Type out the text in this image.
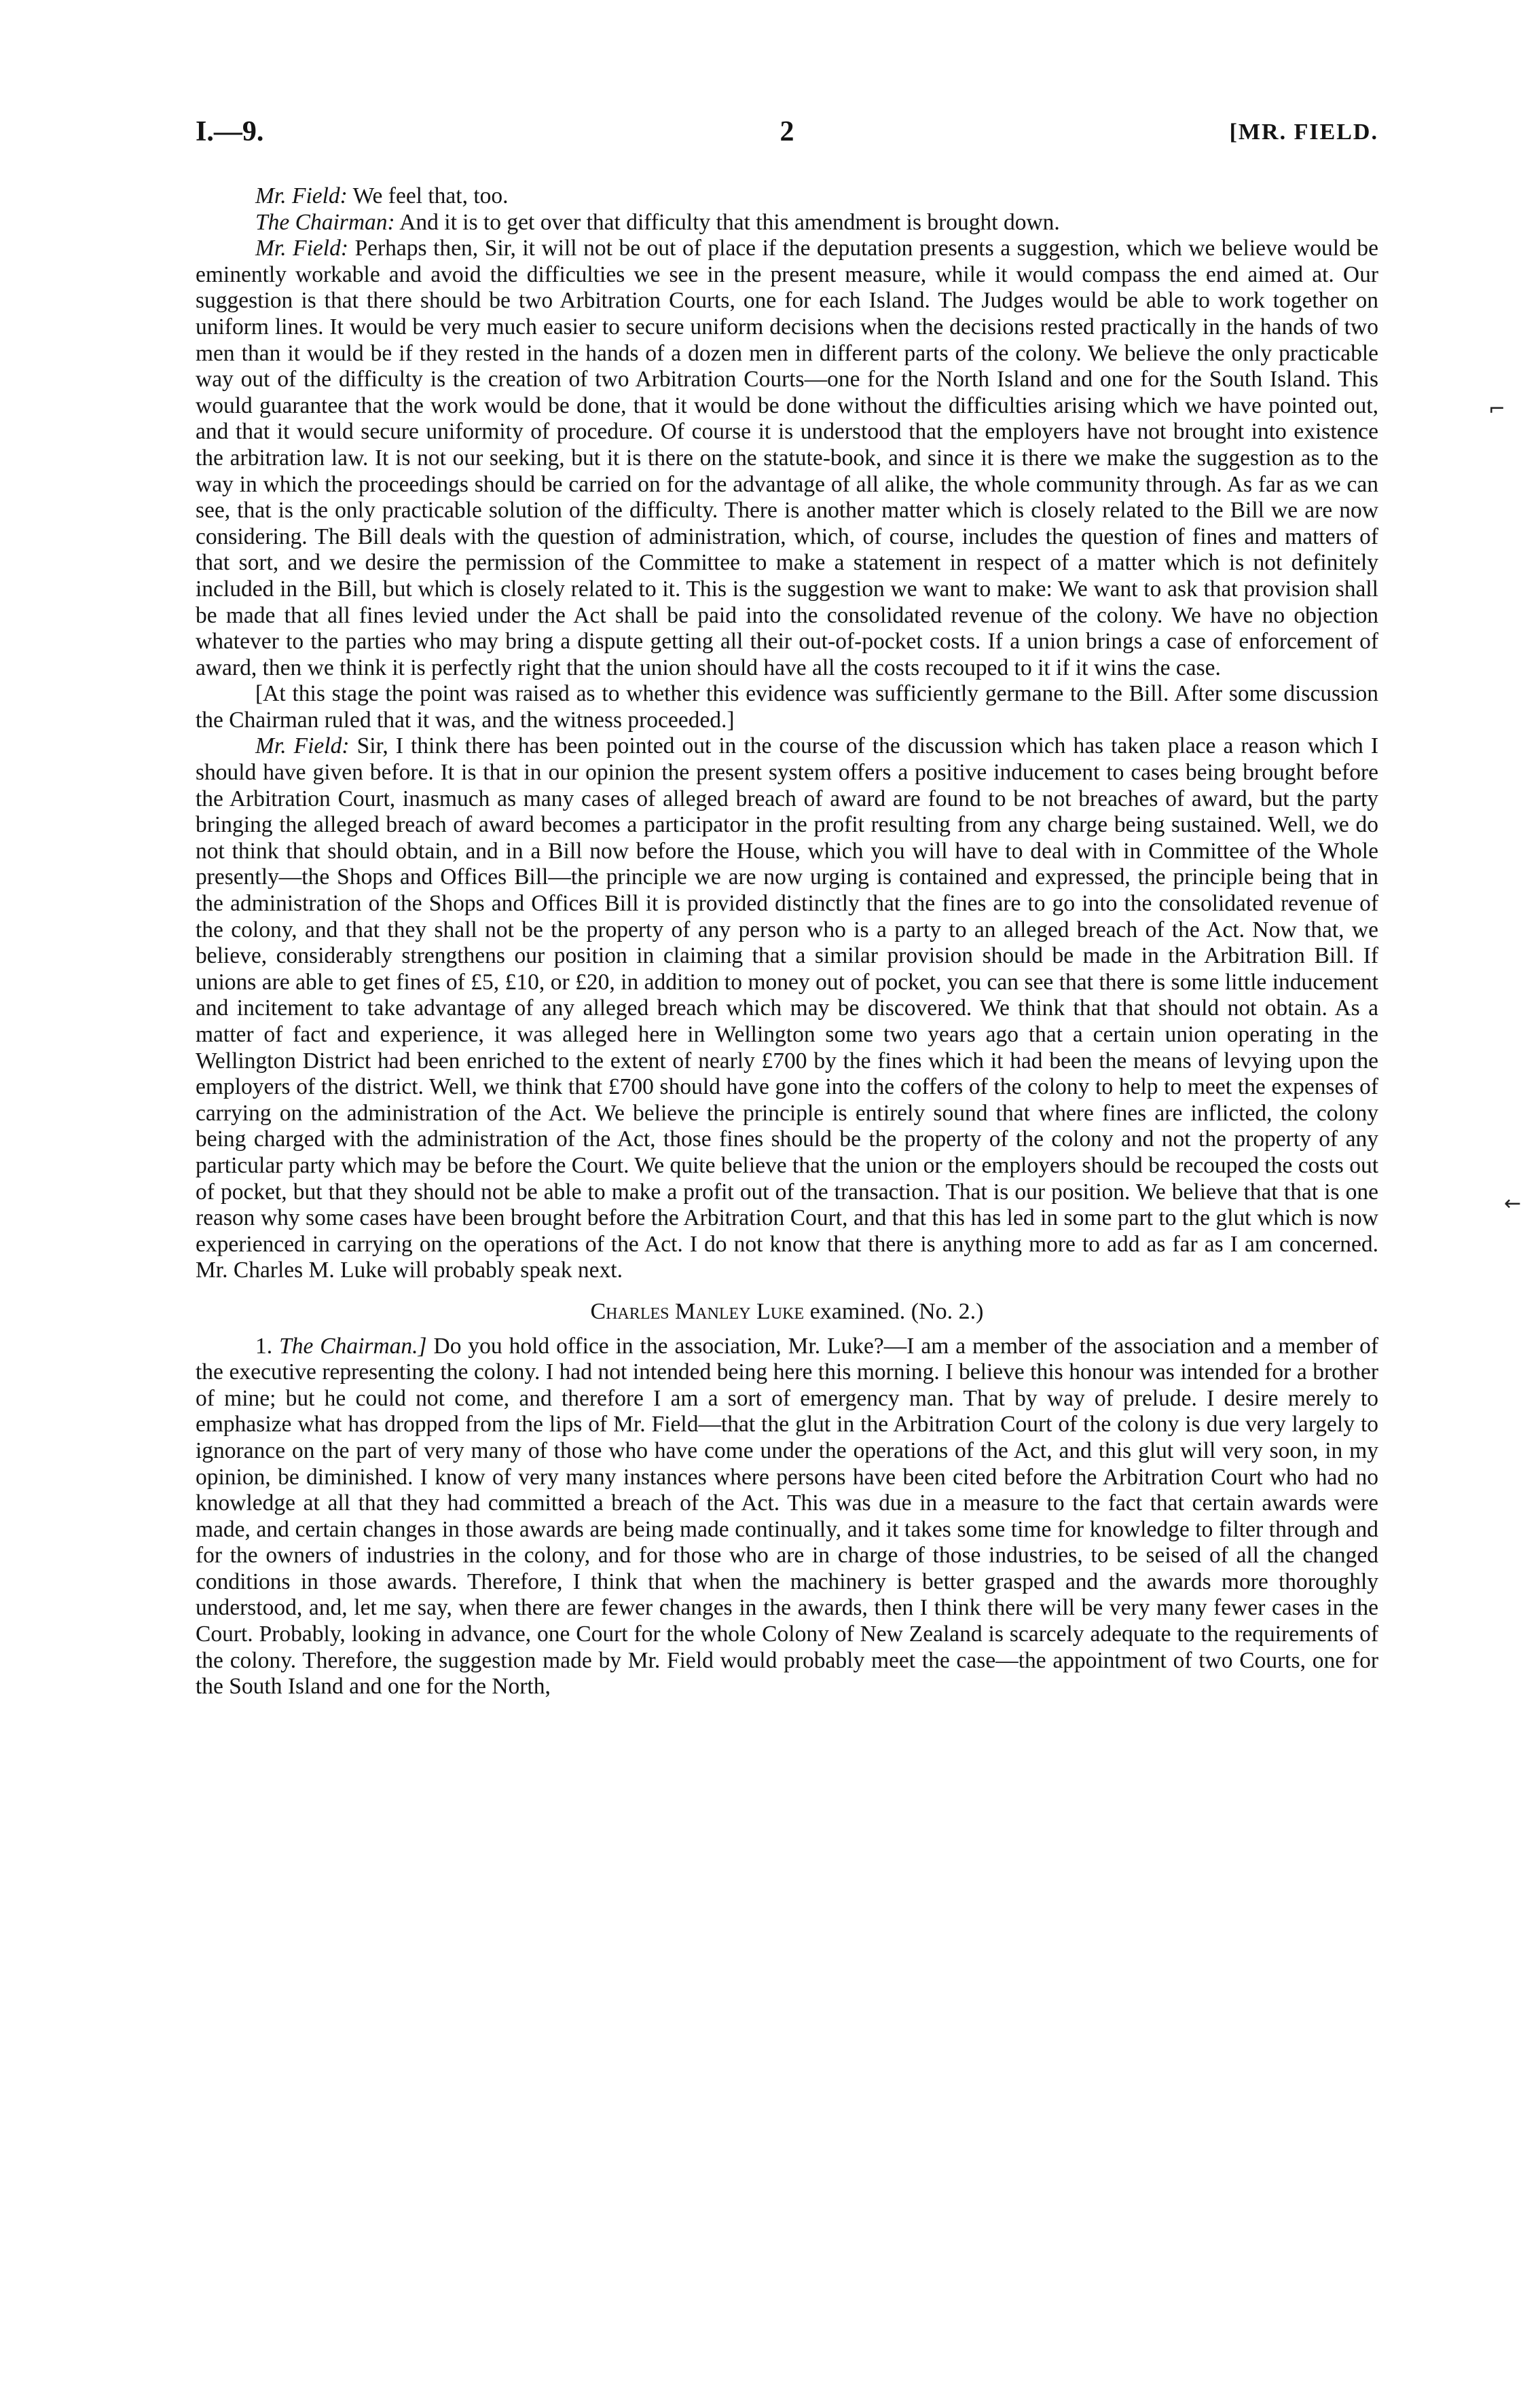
I.—9.	2	[MR. FIELD.
⌐
←

Mr. Field: We feel that, too.

The Chairman: And it is to get over that difficulty that this amendment is brought down.

Mr. Field: Perhaps then, Sir, it will not be out of place if the deputation presents a suggestion, which we believe would be eminently workable and avoid the difficulties we see in the present measure, while it would compass the end aimed at. Our suggestion is that there should be two Arbitration Courts, one for each Island. The Judges would be able to work together on uniform lines. It would be very much easier to secure uniform decisions when the decisions rested practically in the hands of two men than it would be if they rested in the hands of a dozen men in different parts of the colony. We believe the only practicable way out of the difficulty is the creation of two Arbitration Courts—one for the North Island and one for the South Island. This would guarantee that the work would be done, that it would be done without the difficulties arising which we have pointed out, and that it would secure uniformity of procedure. Of course it is understood that the employers have not brought into existence the arbitration law. It is not our seeking, but it is there on the statute-book, and since it is there we make the suggestion as to the way in which the proceedings should be carried on for the advantage of all alike, the whole community through. As far as we can see, that is the only practicable solution of the difficulty. There is another matter which is closely related to the Bill we are now considering. The Bill deals with the question of administration, which, of course, includes the question of fines and matters of that sort, and we desire the permission of the Committee to make a statement in respect of a matter which is not definitely included in the Bill, but which is closely related to it. This is the suggestion we want to make: We want to ask that provision shall be made that all fines levied under the Act shall be paid into the consolidated revenue of the colony. We have no objection whatever to the parties who may bring a dispute getting all their out-of-pocket costs. If a union brings a case of enforcement of award, then we think it is perfectly right that the union should have all the costs recouped to it if it wins the case.

[At this stage the point was raised as to whether this evidence was sufficiently germane to the Bill. After some discussion the Chairman ruled that it was, and the witness proceeded.]

Mr. Field: Sir, I think there has been pointed out in the course of the discussion which has taken place a reason which I should have given before. It is that in our opinion the present system offers a positive inducement to cases being brought before the Arbitration Court, inasmuch as many cases of alleged breach of award are found to be not breaches of award, but the party bringing the alleged breach of award becomes a participator in the profit resulting from any charge being sustained. Well, we do not think that should obtain, and in a Bill now before the House, which you will have to deal with in Committee of the Whole presently—the Shops and Offices Bill—the principle we are now urging is contained and expressed, the principle being that in the administration of the Shops and Offices Bill it is provided distinctly that the fines are to go into the consolidated revenue of the colony, and that they shall not be the property of any person who is a party to an alleged breach of the Act. Now that, we believe, considerably strengthens our position in claiming that a similar provision should be made in the Arbitration Bill. If unions are able to get fines of £5, £10, or £20, in addition to money out of pocket, you can see that there is some little inducement and incitement to take advantage of any alleged breach which may be discovered. We think that that should not obtain. As a matter of fact and experience, it was alleged here in Wellington some two years ago that a certain union operating in the Wellington District had been enriched to the extent of nearly £700 by the fines which it had been the means of levying upon the employers of the district. Well, we think that £700 should have gone into the coffers of the colony to help to meet the expenses of carrying on the administration of the Act. We believe the principle is entirely sound that where fines are inflicted, the colony being charged with the administration of the Act, those fines should be the property of the colony and not the property of any particular party which may be before the Court. We quite believe that the union or the employers should be recouped the costs out of pocket, but that they should not be able to make a profit out of the transaction. That is our position. We believe that that is one reason why some cases have been brought before the Arbitration Court, and that this has led in some part to the glut which is now experienced in carrying on the operations of the Act. I do not know that there is anything more to add as far as I am concerned. Mr. Charles M. Luke will probably speak next.

Charles Manley Luke examined. (No. 2.)

1. The Chairman.] Do you hold office in the association, Mr. Luke?—I am a member of the association and a member of the executive representing the colony. I had not intended being here this morning. I believe this honour was intended for a brother of mine; but he could not come, and therefore I am a sort of emergency man. That by way of prelude. I desire merely to emphasize what has dropped from the lips of Mr. Field—that the glut in the Arbitration Court of the colony is due very largely to ignorance on the part of very many of those who have come under the operations of the Act, and this glut will very soon, in my opinion, be diminished. I know of very many instances where persons have been cited before the Arbitration Court who had no knowledge at all that they had committed a breach of the Act. This was due in a measure to the fact that certain awards were made, and certain changes in those awards are being made continually, and it takes some time for knowledge to filter through and for the owners of industries in the colony, and for those who are in charge of those industries, to be seised of all the changed conditions in those awards. Therefore, I think that when the machinery is better grasped and the awards more thoroughly understood, and, let me say, when there are fewer changes in the awards, then I think there will be very many fewer cases in the Court. Probably, looking in advance, one Court for the whole Colony of New Zealand is scarcely adequate to the requirements of the colony. Therefore, the suggestion made by Mr. Field would probably meet the case—the appointment of two Courts, one for the South Island and one for the North,
